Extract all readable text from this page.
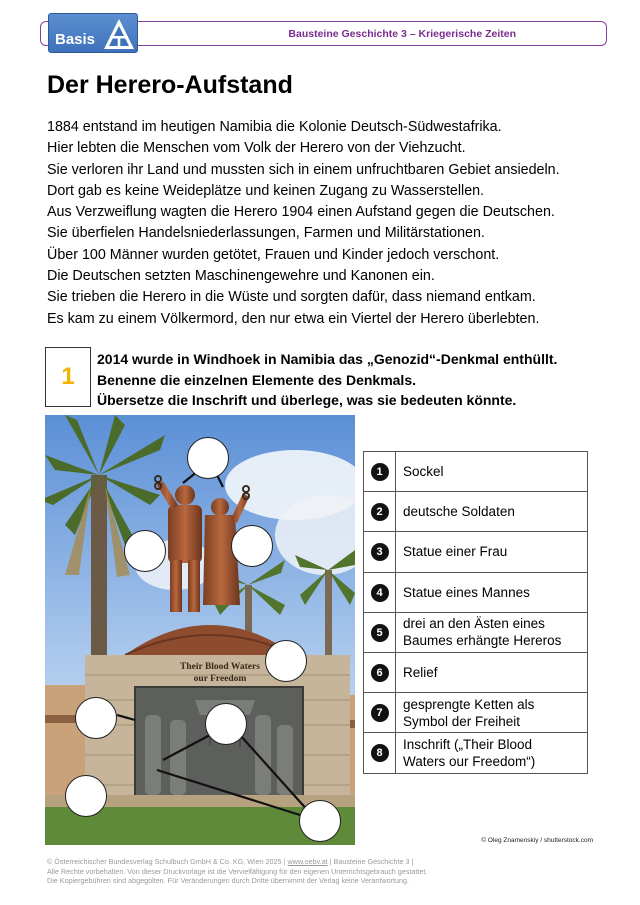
Bausteine Geschichte 3 – Kriegerische Zeiten
Basis
Der Herero-Aufstand

1884 entstand im heutigen Namibia die Kolonie Deutsch-Südwestafrika.

Hier lebten die Menschen vom Volk der Herero von der Viehzucht.

Sie verloren ihr Land und mussten sich in einem unfruchtbaren Gebiet ansiedeln.

Dort gab es keine Weideplätze und keinen Zugang zu Wasserstellen.

Aus Verzweiflung wagten die Herero 1904 einen Aufstand gegen die Deutschen.

Sie überfielen Handelsniederlassungen, Farmen und Militärstationen.

Über 100 Männer wurden getötet, Frauen und Kinder jedoch verschont.

Die Deutschen setzten Maschinengewehre und Kanonen ein.

Sie trieben die Herero in die Wüste und sorgten dafür, dass niemand entkam.

Es kam zu einem Völkermord, den nur etwa ein Viertel der Herero überlebten.

1

2014 wurde in Windhoek in Namibia das „Genozid“-Denkmal enthüllt.

Benenne die einzelnen Elemente des Denkmals.

Übersetze die Inschrift und überlege, was sie bedeuten könnte.

Their Blood Waters
our Freedom
1	Sockel
2	deutsche Soldaten
3	Statue einer Frau
4	Statue eines Mannes
5	drei an den Ästen eines
Baumes erhängte Hereros
6	Relief
7	gesprengte Ketten als
Symbol der Freiheit
8	Inschrift („Their Blood
Waters our Freedom“)
© Oleg Znamenskiy / shutterstock.com

© Österreichischer Bundesverlag Schulbuch GmbH & Co. KG, Wien 2025 | www.oebv.at | Bausteine Geschichte 3 |

Alle Rechte vorbehalten. Von dieser Druckvorlage ist die Vervielfältigung für den eigenen Unterrichtsgebrauch gestattet.

Die Kopiergebühren sind abgegolten. Für Veränderungen durch Dritte übernimmt der Verlag keine Verantwortung.
